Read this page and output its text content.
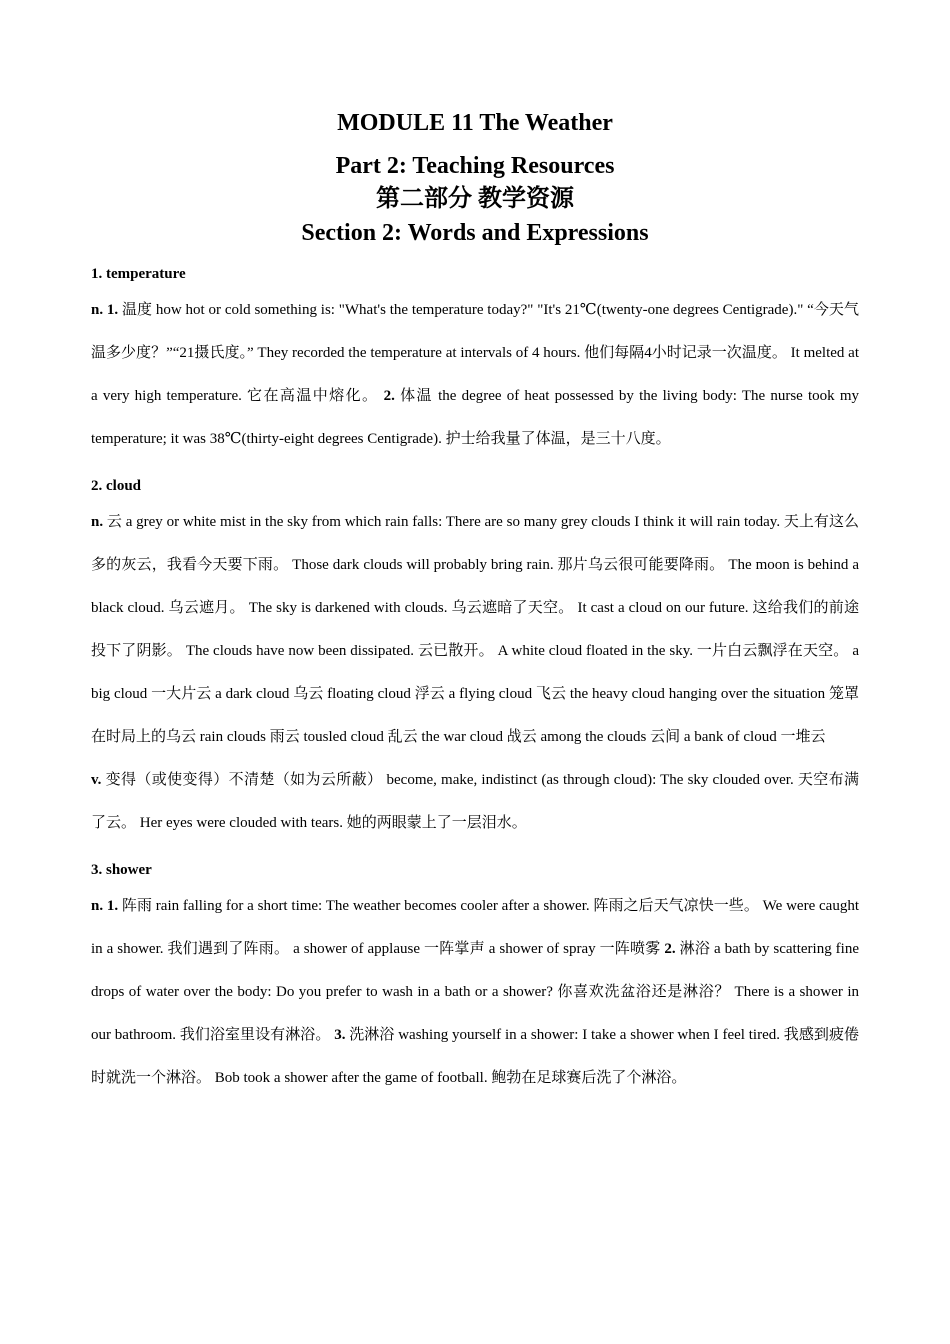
MODULE 11 The Weather
Part 2: Teaching Resources
第二部分 教学资源
Section 2: Words and Expressions
1. temperature

n. 1. 温度 how hot or cold something is: "What's the temperature today?" "It's 21℃(twenty-one degrees Centigrade)." “今天气温多少度？”“21摄氏度。” They recorded the temperature at intervals of 4 hours. 他们每隔4小时记录一次温度。 It melted at a very high temperature. 它在高温中熔化。 2. 体温 the degree of heat possessed by the living body: The nurse took my temperature; it was 38℃(thirty-eight degrees Centigrade). 护士给我量了体温，是三十八度。

2. cloud

n. 云 a grey or white mist in the sky from which rain falls: There are so many grey clouds I think it will rain today. 天上有这么多的灰云，我看今天要下雨。 Those dark clouds will probably bring rain. 那片乌云很可能要降雨。 The moon is behind a black cloud. 乌云遮月。 The sky is darkened with clouds. 乌云遮暗了天空。 It cast a cloud on our future. 这给我们的前途投下了阴影。 The clouds have now been dissipated. 云已散开。 A white cloud floated in the sky. 一片白云飘浮在天空。 a big cloud 一大片云 a dark cloud 乌云 floating cloud 浮云 a flying cloud 飞云 the heavy cloud hanging over the situation 笼罩在时局上的乌云 rain clouds 雨云 tousled cloud 乱云 the war cloud 战云 among the clouds 云间 a bank of cloud 一堆云

v. 变得（或使变得）不清楚（如为云所蔽） become, make, indistinct (as through cloud): The sky clouded over. 天空布满了云。 Her eyes were clouded with tears. 她的两眼蒙上了一层泪水。

3. shower

n. 1. 阵雨 rain falling for a short time: The weather becomes cooler after a shower. 阵雨之后天气凉快一些。 We were caught in a shower. 我们遇到了阵雨。 a shower of applause 一阵掌声 a shower of spray 一阵喷雾 2. 淋浴 a bath by scattering fine drops of water over the body: Do you prefer to wash in a bath or a shower? 你喜欢洗盆浴还是淋浴？ There is a shower in our bathroom. 我们浴室里设有淋浴。 3. 洗淋浴 washing yourself in a shower: I take a shower when I feel tired. 我感到疲倦时就洗一个淋浴。 Bob took a shower after the game of football. 鲍勃在足球赛后洗了个淋浴。
